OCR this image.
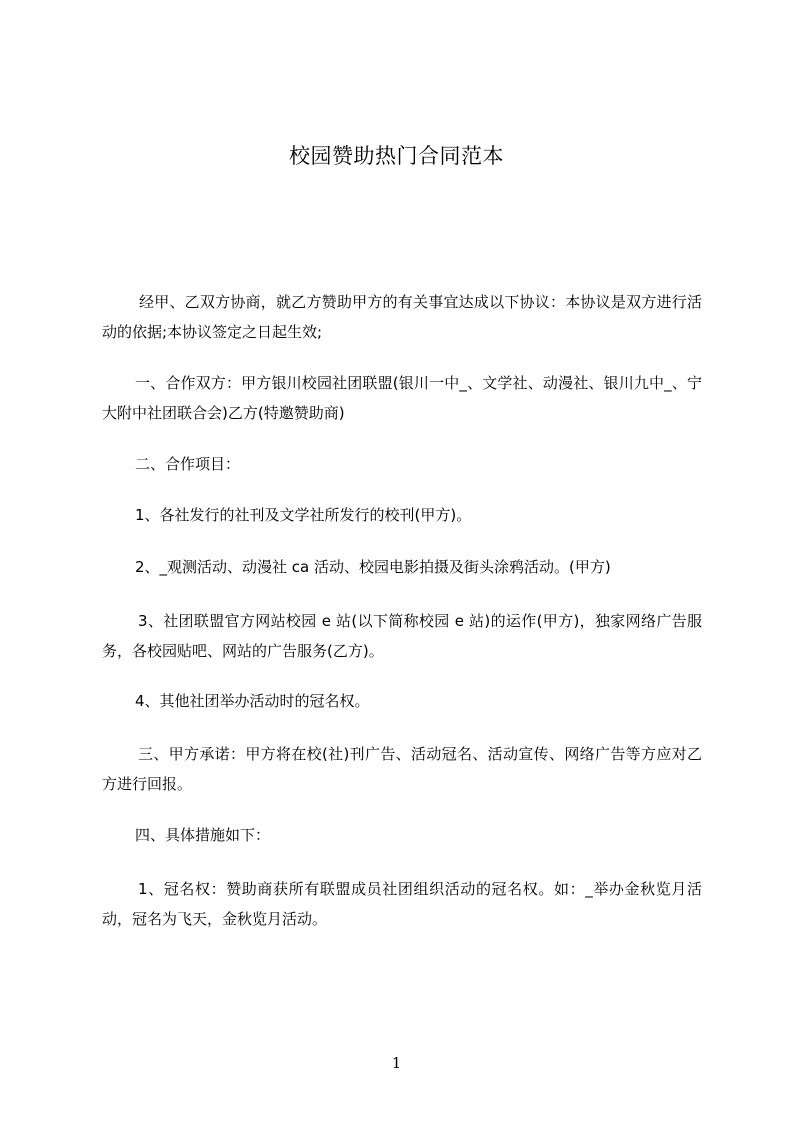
校园赞助热门合同范本

经甲、乙双方协商，就乙方赞助甲方的有关事宜达成以下协议：本协议是双方进行活动的依据;本协议签定之日起生效;

一、合作双方：甲方银川校园社团联盟(银川一中_、文学社、动漫社、银川九中_、宁大附中社团联合会)乙方(特邀赞助商)

二、合作项目：

1、各社发行的社刊及文学社所发行的校刊(甲方)。

2、_观测活动、动漫社 ca 活动、校园电影拍摄及街头涂鸦活动。(甲方)

3、社团联盟官方网站校园 e 站(以下简称校园 e 站)的运作(甲方)，独家网络广告服务，各校园贴吧、网站的广告服务(乙方)。

4、其他社团举办活动时的冠名权。

三、甲方承诺：甲方将在校(社)刊广告、活动冠名、活动宣传、网络广告等方应对乙方进行回报。

四、具体措施如下：

1、冠名权：赞助商获所有联盟成员社团组织活动的冠名权。如：_举办金秋览月活动，冠名为飞天，金秋览月活动。

1
